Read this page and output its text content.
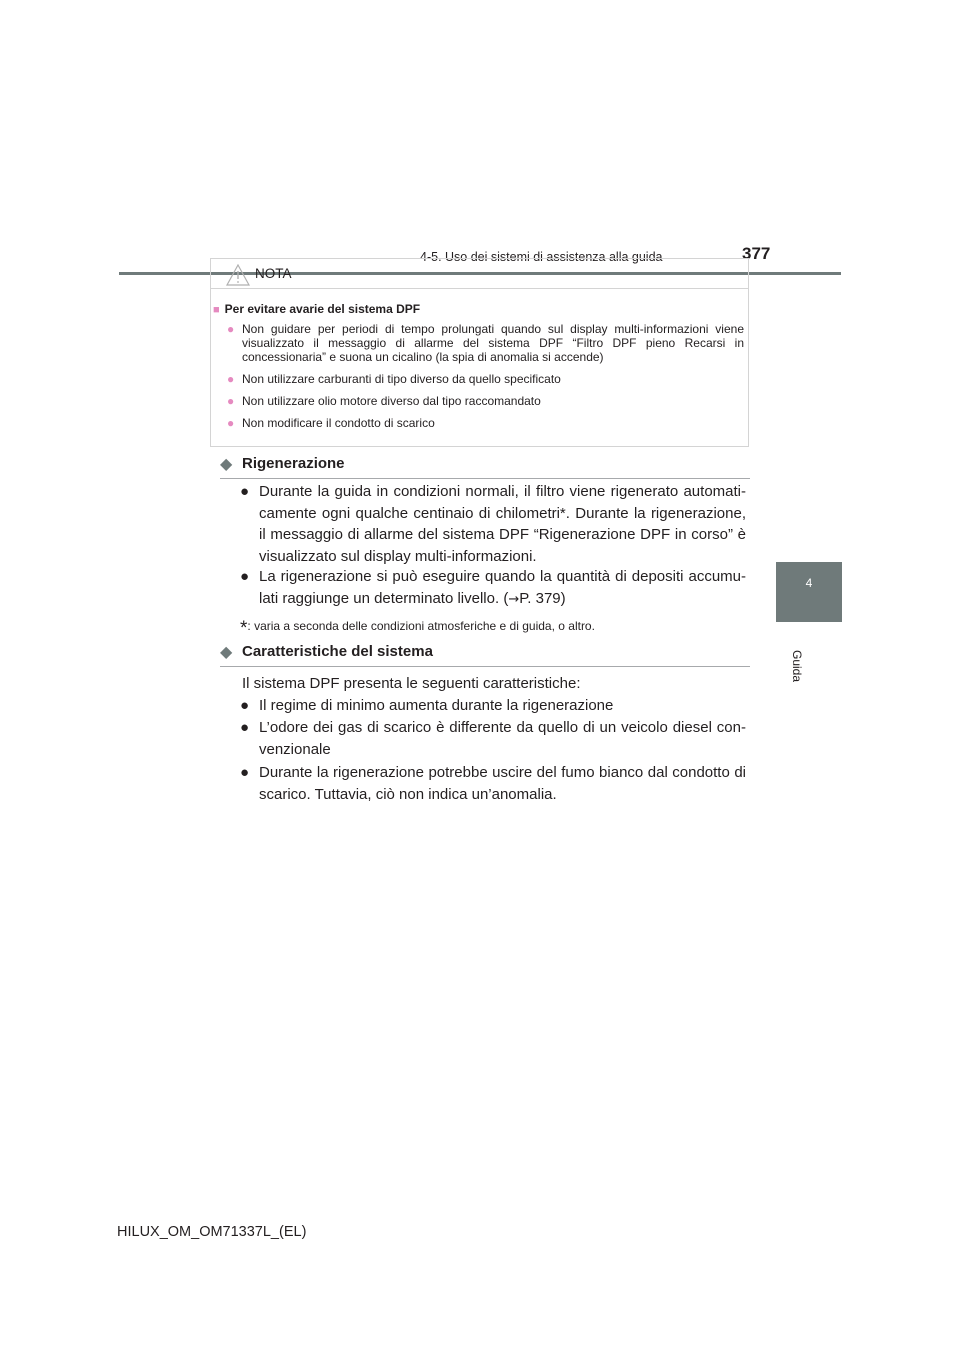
4-5. Uso dei sistemi di assistenza alla guida	377
4
Guida
NOTA
■ Per evitare avarie del sistema DPF
● Non guidare per periodi di tempo prolungati quando sul display multi-informazioni viene visualizzato il messaggio di allarme del sistema DPF “Filtro DPF pieno Recarsi in concessionaria” e suona un cicalino (la spia di anomalia si accende)
● Non utilizzare carburanti di tipo diverso da quello specificato
● Non utilizzare olio motore diverso dal tipo raccomandato
● Non modificare il condotto di scarico
◆ Rigenerazione
● Durante la guida in condizioni normali, il filtro viene rigenerato automati-camente ogni qualche centinaio di chilometri*. Durante la rigenerazione, il messaggio di allarme del sistema DPF “Rigenerazione DPF in corso” è visualizzato sul display multi-informazioni.
● La rigenerazione si può eseguire quando la quantità di depositi accumu-lati raggiunge un determinato livello. (→P. 379)
*: varia a seconda delle condizioni atmosferiche e di guida, o altro.
◆ Caratteristiche del sistema
Il sistema DPF presenta le seguenti caratteristiche:
● Il regime di minimo aumenta durante la rigenerazione
● L’odore dei gas di scarico è differente da quello di un veicolo diesel con-venzionale
● Durante la rigenerazione potrebbe uscire del fumo bianco dal condotto di scarico. Tuttavia, ciò non indica un’anomalia.
HILUX_OM_OM71337L_(EL)
